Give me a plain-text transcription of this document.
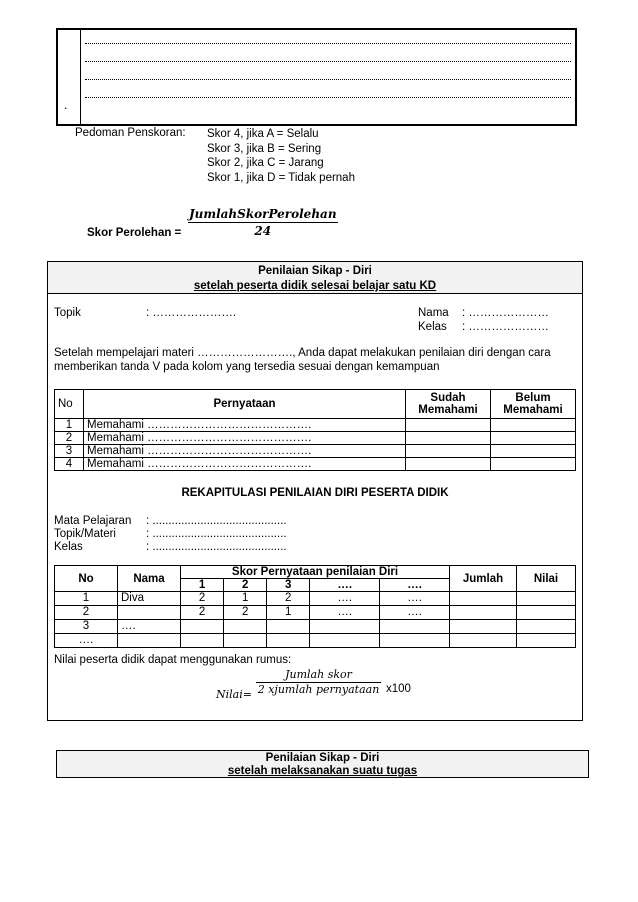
.
Pedoman Penskoran: Skor 4, jika A = Selalu
Skor 3, jika B = Sering
Skor 2, jika C = Jarang
Skor 1, jika D = Tidak pernah
JumlahSkorPerolehan
24
Skor Perolehan =
Penilaian Sikap - Diri
setelah peserta didik selesai belajar satu KD
Topik	: ………………….	Nama : …………………
Kelas : …………………
Setelah mempelajari materi ……………………., Anda dapat melakukan penilaian diri dengan cara
memberikan tanda V pada kolom yang tersedia sesuai dengan kemampuan
No	Pernyataan	Sudah Memahami	Belum Memahami
1	Memahami …………………………………….		
2	Memahami …………………………………….		
3	Memahami …………………………………….		
4	Memahami …………………………………….		
REKAPITULASI PENILAIAN DIRI PESERTA DIDIK
Mata Pelajaran : ..........................................
Topik/Materi	: ..........................................
Kelas	: ..........................................
No	Nama	Skor Pernyataan penilaian Diri					Jumlah	Nilai
		1	2	3	….	….		
1	Diva	2	1	2	….	….		
2		2	2	1	….	….		
3	….							
….								
Nilai peserta didik dapat menggunakan rumus:
Nilai=
Jumlah skor
2 xjumlah pernyataan x100
Penilaian Sikap - Diri
setelah melaksanakan suatu tugas
